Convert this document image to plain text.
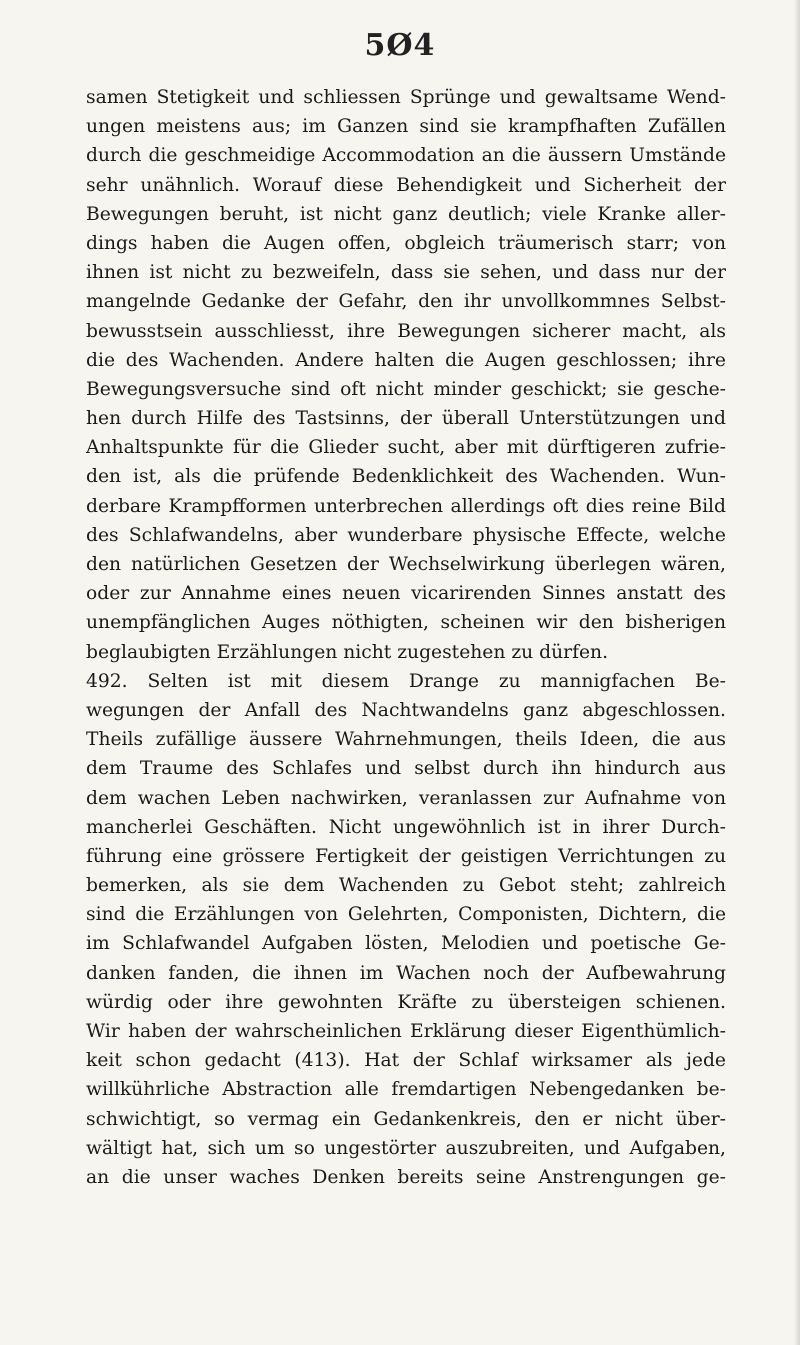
5Ø4
samen Stetigkeit und schliessen Sprünge und gewaltsame Wend-
ungen meistens aus; im Ganzen sind sie krampfhaften Zufällen
durch die geschmeidige Accommodation an die äussern Umstände
sehr unähnlich. Worauf diese Behendigkeit und Sicherheit der
Bewegungen beruht, ist nicht ganz deutlich; viele Kranke aller-
dings haben die Augen offen, obgleich träumerisch starr; von
ihnen ist nicht zu bezweifeln, dass sie sehen, und dass nur der
mangelnde Gedanke der Gefahr, den ihr unvollkommnes Selbst-
bewusstsein ausschliesst, ihre Bewegungen sicherer macht, als
die des Wachenden. Andere halten die Augen geschlossen; ihre
Bewegungsversuche sind oft nicht minder geschickt; sie gesche-
hen durch Hilfe des Tastsinns, der überall Unterstützungen und
Anhaltspunkte für die Glieder sucht, aber mit dürftigeren zufrie-
den ist, als die prüfende Bedenklichkeit des Wachenden. Wun-
derbare Krampfformen unterbrechen allerdings oft dies reine Bild
des Schlafwandelns, aber wunderbare physische Effecte, welche
den natürlichen Gesetzen der Wechselwirkung überlegen wären,
oder zur Annahme eines neuen vicarirenden Sinnes anstatt des
unempfänglichen Auges nöthigten, scheinen wir den bisherigen
beglaubigten Erzählungen nicht zugestehen zu dürfen.
492. Selten ist mit diesem Drange zu mannigfachen Be-
wegungen der Anfall des Nachtwandelns ganz abgeschlossen.
Theils zufällige äussere Wahrnehmungen, theils Ideen, die aus
dem Traume des Schlafes und selbst durch ihn hindurch aus
dem wachen Leben nachwirken, veranlassen zur Aufnahme von
mancherlei Geschäften. Nicht ungewöhnlich ist in ihrer Durch-
führung eine grössere Fertigkeit der geistigen Verrichtungen zu
bemerken, als sie dem Wachenden zu Gebot steht; zahlreich
sind die Erzählungen von Gelehrten, Componisten, Dichtern, die
im Schlafwandel Aufgaben lösten, Melodien und poetische Ge-
danken fanden, die ihnen im Wachen noch der Aufbewahrung
würdig oder ihre gewohnten Kräfte zu übersteigen schienen.
Wir haben der wahrscheinlichen Erklärung dieser Eigenthümlich-
keit schon gedacht (413). Hat der Schlaf wirksamer als jede
willkührliche Abstraction alle fremdartigen Nebengedanken be-
schwichtigt, so vermag ein Gedankenkreis, den er nicht über-
wältigt hat, sich um so ungestörter auszubreiten, und Aufgaben,
an die unser waches Denken bereits seine Anstrengungen ge-
